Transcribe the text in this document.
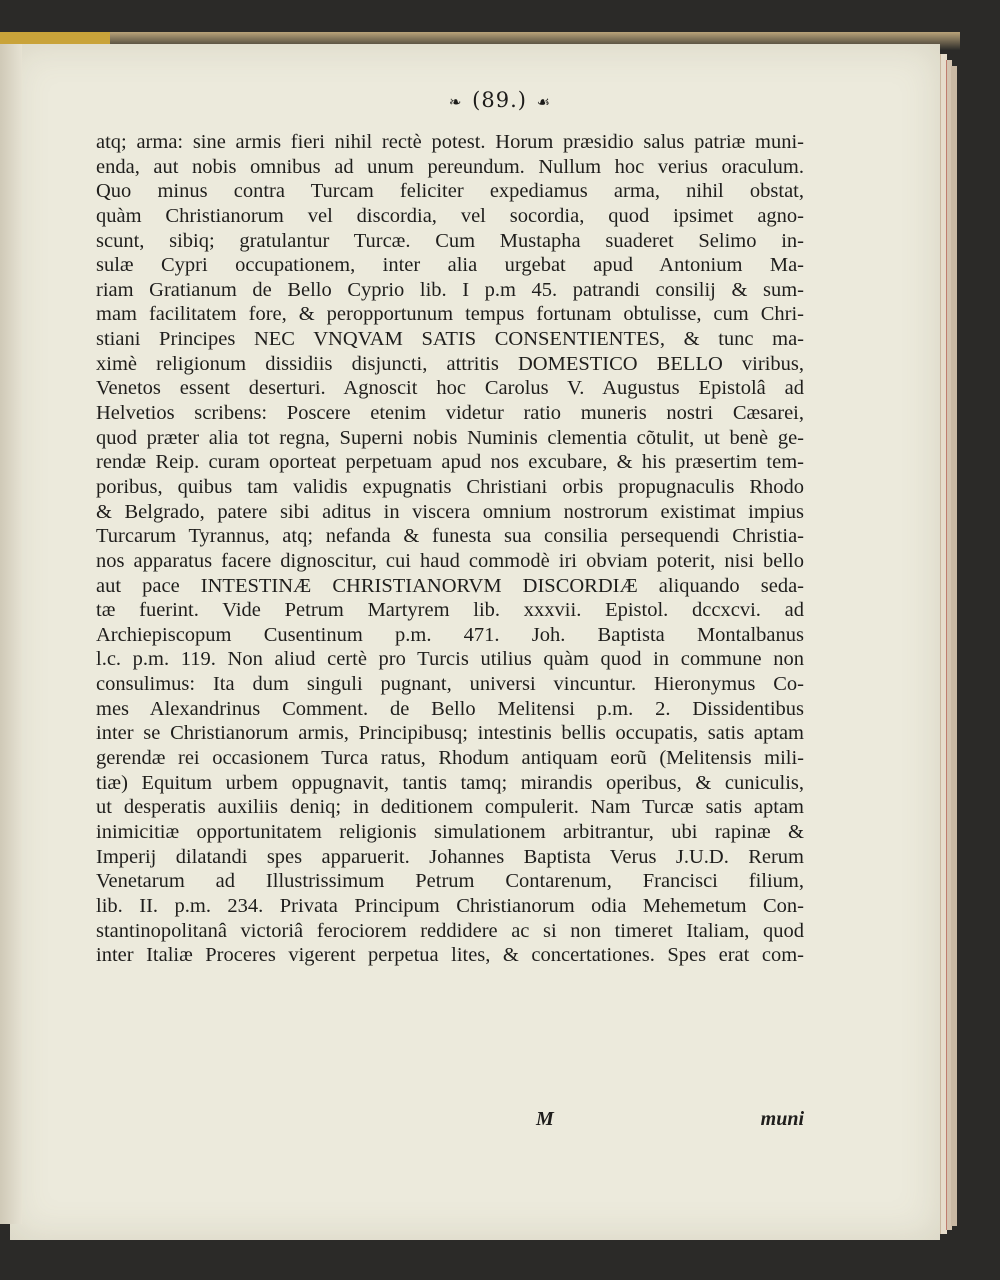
❧ (89.) ☙
atq; arma: sine armis fieri nihil rectè potest. Horum præsidio salus patriæ muni-
enda, aut nobis omnibus ad unum pereundum. Nullum hoc verius oraculum.
Quo minus contra Turcam feliciter expediamus arma, nihil obstat,
quàm Christianorum vel discordia, vel socordia, quod ipsimet agno-
scunt, sibiq; gratulantur Turcæ. Cum Mustapha suaderet Selimo in-
sulæ Cypri occupationem, inter alia urgebat apud Antonium Ma-
riam Gratianum de Bello Cyprio lib. I p.m 45. patrandi consilij & sum-
mam facilitatem fore, & peropportunum tempus fortunam obtulisse, cum Chri-
stiani Principes NEC VNQVAM SATIS CONSENTIENTES, & tunc ma-
ximè religionum dissidiis disjuncti, attritis DOMESTICO BELLO viribus,
Venetos essent deserturi. Agnoscit hoc Carolus V. Augustus Epistolâ ad
Helvetios scribens: Poscere etenim videtur ratio muneris nostri Cæsarei,
quod præter alia tot regna, Superni nobis Numinis clementia cõtulit, ut benè ge-
rendæ Reip. curam oporteat perpetuam apud nos excubare, & his præsertim tem-
poribus, quibus tam validis expugnatis Christiani orbis propugnaculis Rhodo
& Belgrado, patere sibi aditus in viscera omnium nostrorum existimat impius
Turcarum Tyrannus, atq; nefanda & funesta sua consilia persequendi Christia-
nos apparatus facere dignoscitur, cui haud commodè iri obviam poterit, nisi bello
aut pace INTESTINÆ CHRISTIANORVM DISCORDIÆ aliquando seda-
tæ fuerint. Vide Petrum Martyrem lib. xxxvii. Epistol. dccxcvi. ad
Archiepiscopum Cusentinum p.m. 471. Joh. Baptista Montalbanus
l.c. p.m. 119. Non aliud certè pro Turcis utilius quàm quod in commune non
consulimus: Ita dum singuli pugnant, universi vincuntur. Hieronymus Co-
mes Alexandrinus Comment. de Bello Melitensi p.m. 2. Dissidentibus
inter se Christianorum armis, Principibusq; intestinis bellis occupatis, satis aptam
gerendæ rei occasionem Turca ratus, Rhodum antiquam eorũ (Melitensis mili-
tiæ) Equitum urbem oppugnavit, tantis tamq; mirandis operibus, & cuniculis,
ut desperatis auxiliis deniq; in deditionem compulerit. Nam Turcæ satis aptam
inimicitiæ opportunitatem religionis simulationem arbitrantur, ubi rapinæ &
Imperij dilatandi spes apparuerit. Johannes Baptista Verus J.U.D. Rerum
Venetarum ad Illustrissimum Petrum Contarenum, Francisci filium,
lib. II. p.m. 234. Privata Principum Christianorum odia Mehemetum Con-
stantinopolitanâ victoriâ ferociorem reddidere ac si non timeret Italiam, quod
inter Italiæ Proceres vigerent perpetua lites, & concertationes. Spes erat com-
M	muni
